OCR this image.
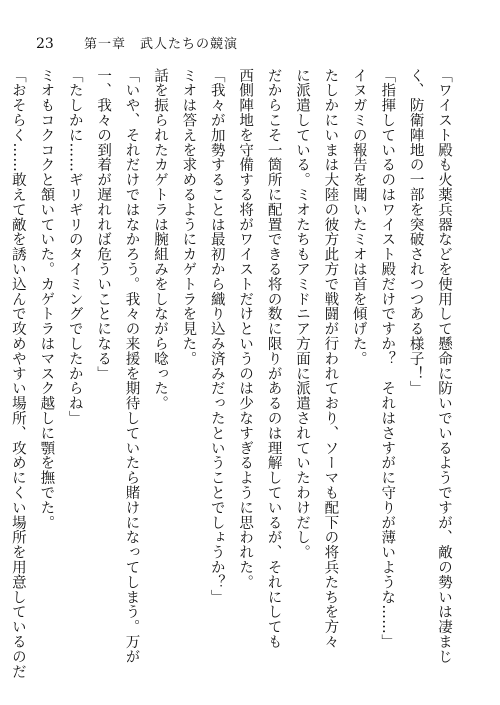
23 第一章　武人たちの競演

「ワイスト殿も火薬兵器などを使用して懸命に防いでいるようですが、敵の勢いは凄まじ

く、防衛陣地の一部を突破されつつある様子！」

「指揮しているのはワイスト殿だけですか？　それはさすがに守りが薄いような……」

イヌガミの報告を聞いたミオは首を傾げた。

たしかにいまは大陸の彼方此方で戦闘が行われており、ソーマも配下の将兵たちを方々

に派遣している。ミオたちもアミドニア方面に派遣されていたわけだし。

だからこそ一箇所に配置できる将の数に限りがあるのは理解しているが、それにしても

西側陣地を守備する将がワイストだけというのは少なすぎるように思われた。

「我々が加勢することは最初から織り込み済みだったということでしょうか？」

ミオは答えを求めるようにカゲトラを見た。

話を振られたカゲトラは腕組みをしながら唸った。

「いや、それだけではなかろう。我々の来援を期待していたら賭けになってしまう。万が

一、我々の到着が遅れれば危ういことになる」

「たしかに……ギリギリのタイミングでしたからね」

ミオもコクコクと頷いていた。カゲトラはマスク越しに顎を撫でた。

「おそらく……敢えて敵を誘い込んで攻めやすい場所、攻めにくい場所を用意しているのだ
